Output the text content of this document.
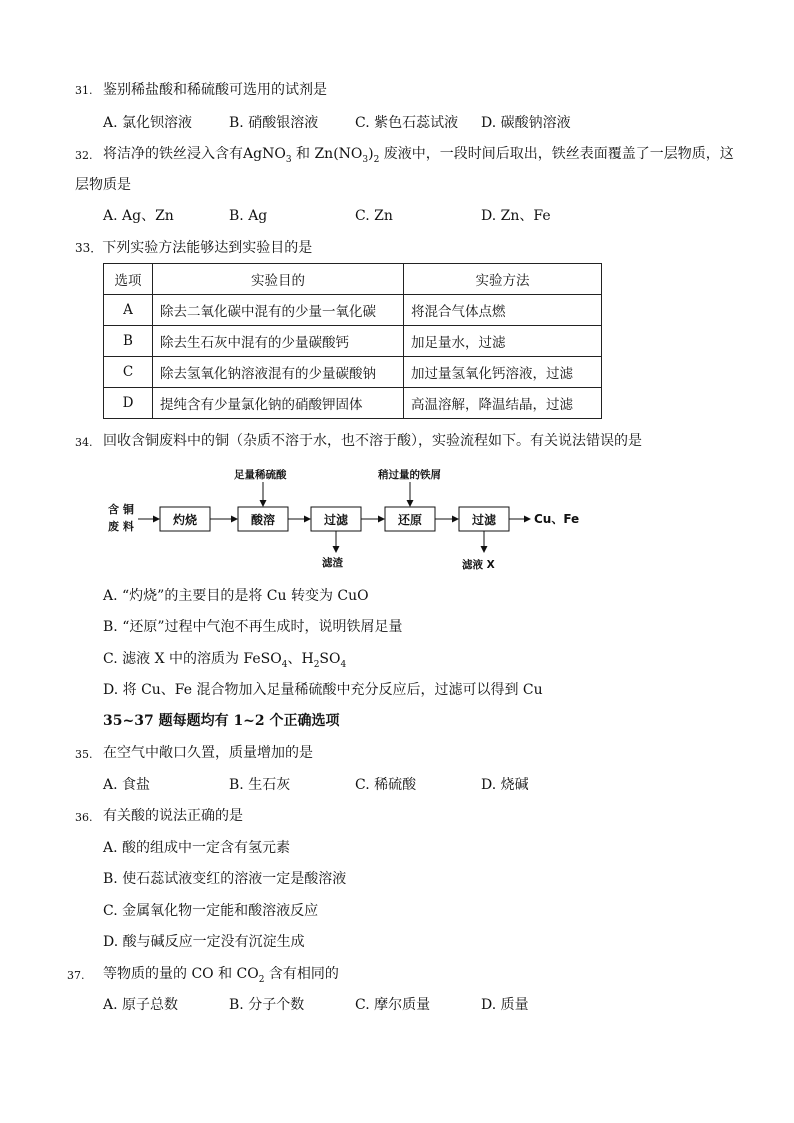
31. 鉴别稀盐酸和稀硫酸可选用的试剂是
A. 氯化钡溶液	B. 硝酸银溶液	C. 紫色石蕊试液 D. 碳酸钠溶液
32. 将洁净的铁丝浸入含有AgNO$_3$ 和 $Zn(NO_3)_2$ 废液中，一段时间后取出，铁丝表面覆盖了一层物质，这
层物质是
A. Ag、Zn	B. Ag	C. Zn	D. Zn、Fe
33．下列实验方法能够达到实验目的是
选项	实验目的	实验方法
A	除去二氧化碳中混有的少量一氧化碳	将混合气体点燃
B	除去生石灰中混有的少量碳酸钙	加足量水，过滤
C	除去氢氧化钠溶液混有的少量碳酸钠	加过量氢氧化钙溶液，过滤
D	提纯含有少量氯化钠的硝酸钾固体	高温溶解，降温结晶，过滤
34. 回收含铜废料中的铜（杂质不溶于水，也不溶于酸），实验流程如下。有关说法错误的是
含 铜
废 料	灼烧	酸溶	过滤	还原	过滤
足量稀硫酸	稍过量的铁屑
滤渣	滤液 X
Cu、Fe
A. “灼烧”的主要目的是将 Cu 转变为 CuO
B. “还原”过程中气泡不再生成时，说明铁屑足量
C. 滤液 X 中的溶质为 FeSO$_4$、$H_2SO_4$
D. 将 Cu、Fe 混合物加入足量稀硫酸中充分反应后，过滤可以得到 Cu
35~37 题每题均有 1~2 个正确选项
35. 在空气中敞口久置，质量增加的是
A. 食盐	B. 生石灰	C. 稀硫酸	D. 烧碱
36. 有关酸的说法正确的是
A. 酸的组成中一定含有氢元素
B. 使石蕊试液变红的溶液一定是酸溶液
C. 金属氧化物一定能和酸溶液反应
D. 酸与碱反应一定没有沉淀生成
37. 等物质的量的 CO 和 $CO_2$ 含有相同的
A. 原子总数	B. 分子个数	C. 摩尔质量	D. 质量
